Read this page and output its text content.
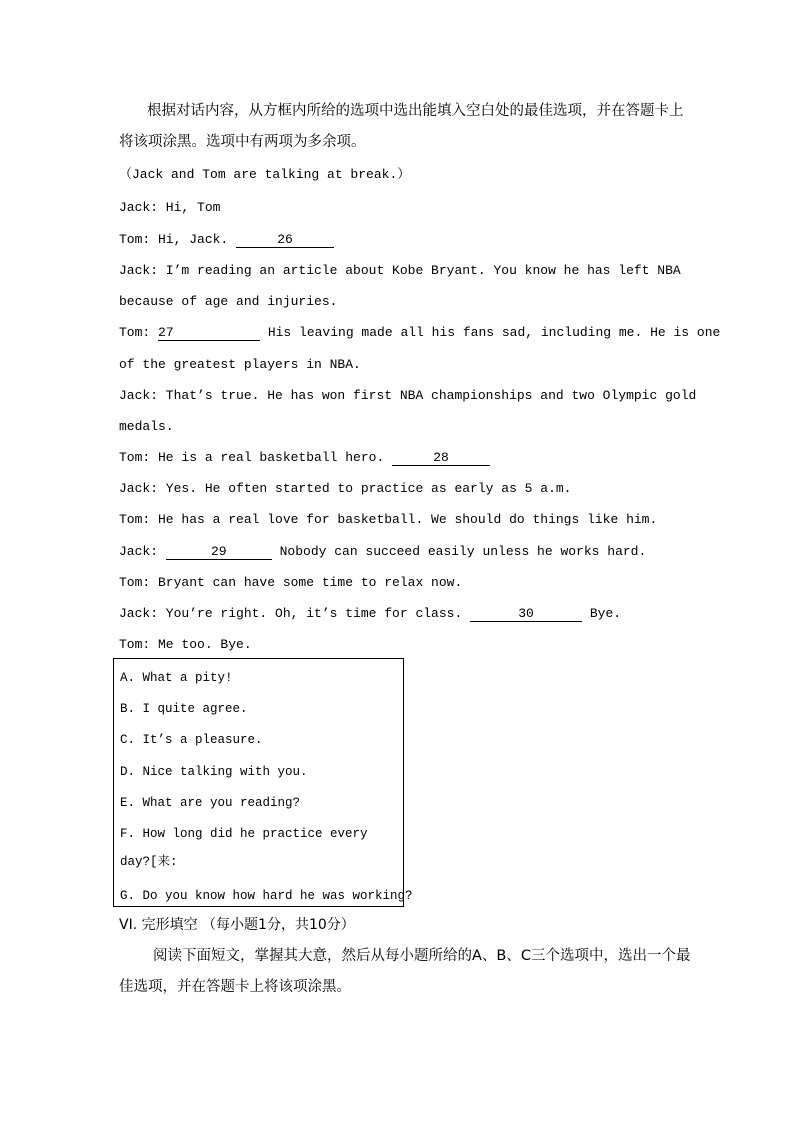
根据对话内容，从方框内所给的选项中选出能填入空白处的最佳选项，并在答题卡上
将该项涂黑。选项中有两项为多余项。
（Jack and Tom are talking at break.）
Jack: Hi, Tom
Tom: Hi, Jack.	26
Jack: I’m reading an article about Kobe Bryant. You know he has left NBA
because of age and injuries.
Tom: 27	His leaving made all his fans sad, including me. He is one
of the greatest players in NBA.
Jack: That’s true. He has won first NBA championships and two Olympic gold
medals.
Tom: He is a real basketball hero.	28
Jack: Yes. He often started to practice as early as 5 a.m.
Tom: He has a real love for basketball. We should do things like him.
Jack:	29	Nobody can succeed easily unless he works hard.
Tom: Bryant can have some time to relax now.
Jack: You’re right. Oh, it’s time for class.	30	Bye.
Tom: Me too. Bye.
A. What a pity!
B. I quite agree.
C. It’s a pleasure.
D. Nice talking with you.
E. What are you reading?
F. How long did he practice every
day?[来:
G. Do you know how hard he was working?
VI. 完形填空 （每小题1分，共10分）
阅读下面短文，掌握其大意，然后从每小题所给的A、B、C三个选项中，选出一个最
佳选项，并在答题卡上将该项涂黑。
